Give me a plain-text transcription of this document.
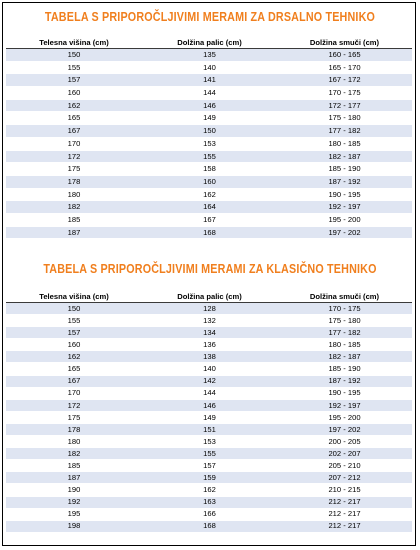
TABELA S PRIPOROČLJIVIMI MERAMI ZA DRSALNO TEHNIKO
Telesna višina (cm)	Dolžina palic (cm)	Dolžina smuči (cm)
150	135	160 - 165
155	140	165 - 170
157	141	167 - 172
160	144	170 - 175
162	146	172 - 177
165	149	175 - 180
167	150	177 - 182
170	153	180 - 185
172	155	182 - 187
175	158	185 - 190
178	160	187 - 192
180	162	190 - 195
182	164	192 - 197
185	167	195 - 200
187	168	197 - 202
TABELA S PRIPOROČLJIVIMI MERAMI ZA KLASIČNO TEHNIKO
Telesna višina (cm)	Dolžina palic (cm)	Dolžina smuči (cm)
150	128	170 - 175
155	132	175 - 180
157	134	177 - 182
160	136	180 - 185
162	138	182 - 187
165	140	185 - 190
167	142	187 - 192
170	144	190 - 195
172	146	192 - 197
175	149	195 - 200
178	151	197 - 202
180	153	200 - 205
182	155	202 - 207
185	157	205 - 210
187	159	207 - 212
190	162	210 - 215
192	163	212 - 217
195	166	212 - 217
198	168	212 - 217
